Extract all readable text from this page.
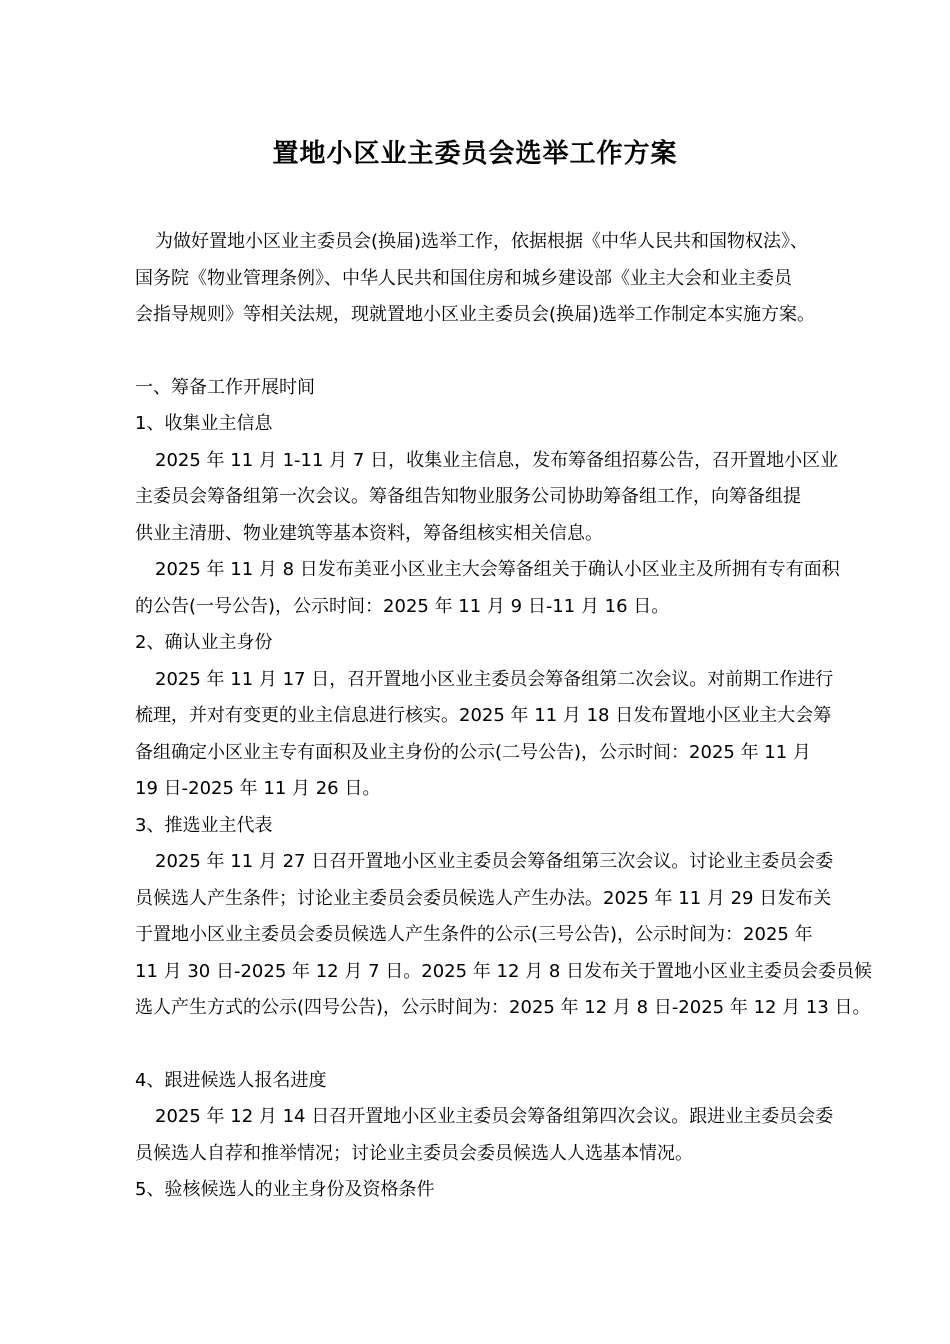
置地小区业主委员会选举工作方案
为做好置地小区业主委员会(换届)选举工作，依据根据《中华人民共和国物权法》、
国务院《物业管理条例》、中华人民共和国住房和城乡建设部《业主大会和业主委员
会指导规则》等相关法规，现就置地小区业主委员会(换届)选举工作制定本实施方案。
一、筹备工作开展时间
1、收集业主信息
2025 年 11 月 1-11 月 7 日，收集业主信息，发布筹备组招募公告，召开置地小区业
主委员会筹备组第一次会议。筹备组告知物业服务公司协助筹备组工作，向筹备组提
供业主清册、物业建筑等基本资料，筹备组核实相关信息。
2025 年 11 月 8 日发布美亚小区业主大会筹备组关于确认小区业主及所拥有专有面积
的公告(一号公告)，公示时间：2025 年 11 月 9 日-11 月 16 日。
2、确认业主身份
2025 年 11 月 17 日，召开置地小区业主委员会筹备组第二次会议。对前期工作进行
梳理，并对有变更的业主信息进行核实。2025 年 11 月 18 日发布置地小区业主大会筹
备组确定小区业主专有面积及业主身份的公示(二号公告)，公示时间：2025 年 11 月
19 日-2025 年 11 月 26 日。
3、推选业主代表
2025 年 11 月 27 日召开置地小区业主委员会筹备组第三次会议。讨论业主委员会委
员候选人产生条件；讨论业主委员会委员候选人产生办法。2025 年 11 月 29 日发布关
于置地小区业主委员会委员候选人产生条件的公示(三号公告)，公示时间为：2025 年
11 月 30 日-2025 年 12 月 7 日。2025 年 12 月 8 日发布关于置地小区业主委员会委员候
选人产生方式的公示(四号公告)，公示时间为：2025 年 12 月 8 日-2025 年 12 月 13 日。
4、跟进候选人报名进度
2025 年 12 月 14 日召开置地小区业主委员会筹备组第四次会议。跟进业主委员会委
员候选人自荐和推举情况；讨论业主委员会委员候选人人选基本情况。
5、验核候选人的业主身份及资格条件
